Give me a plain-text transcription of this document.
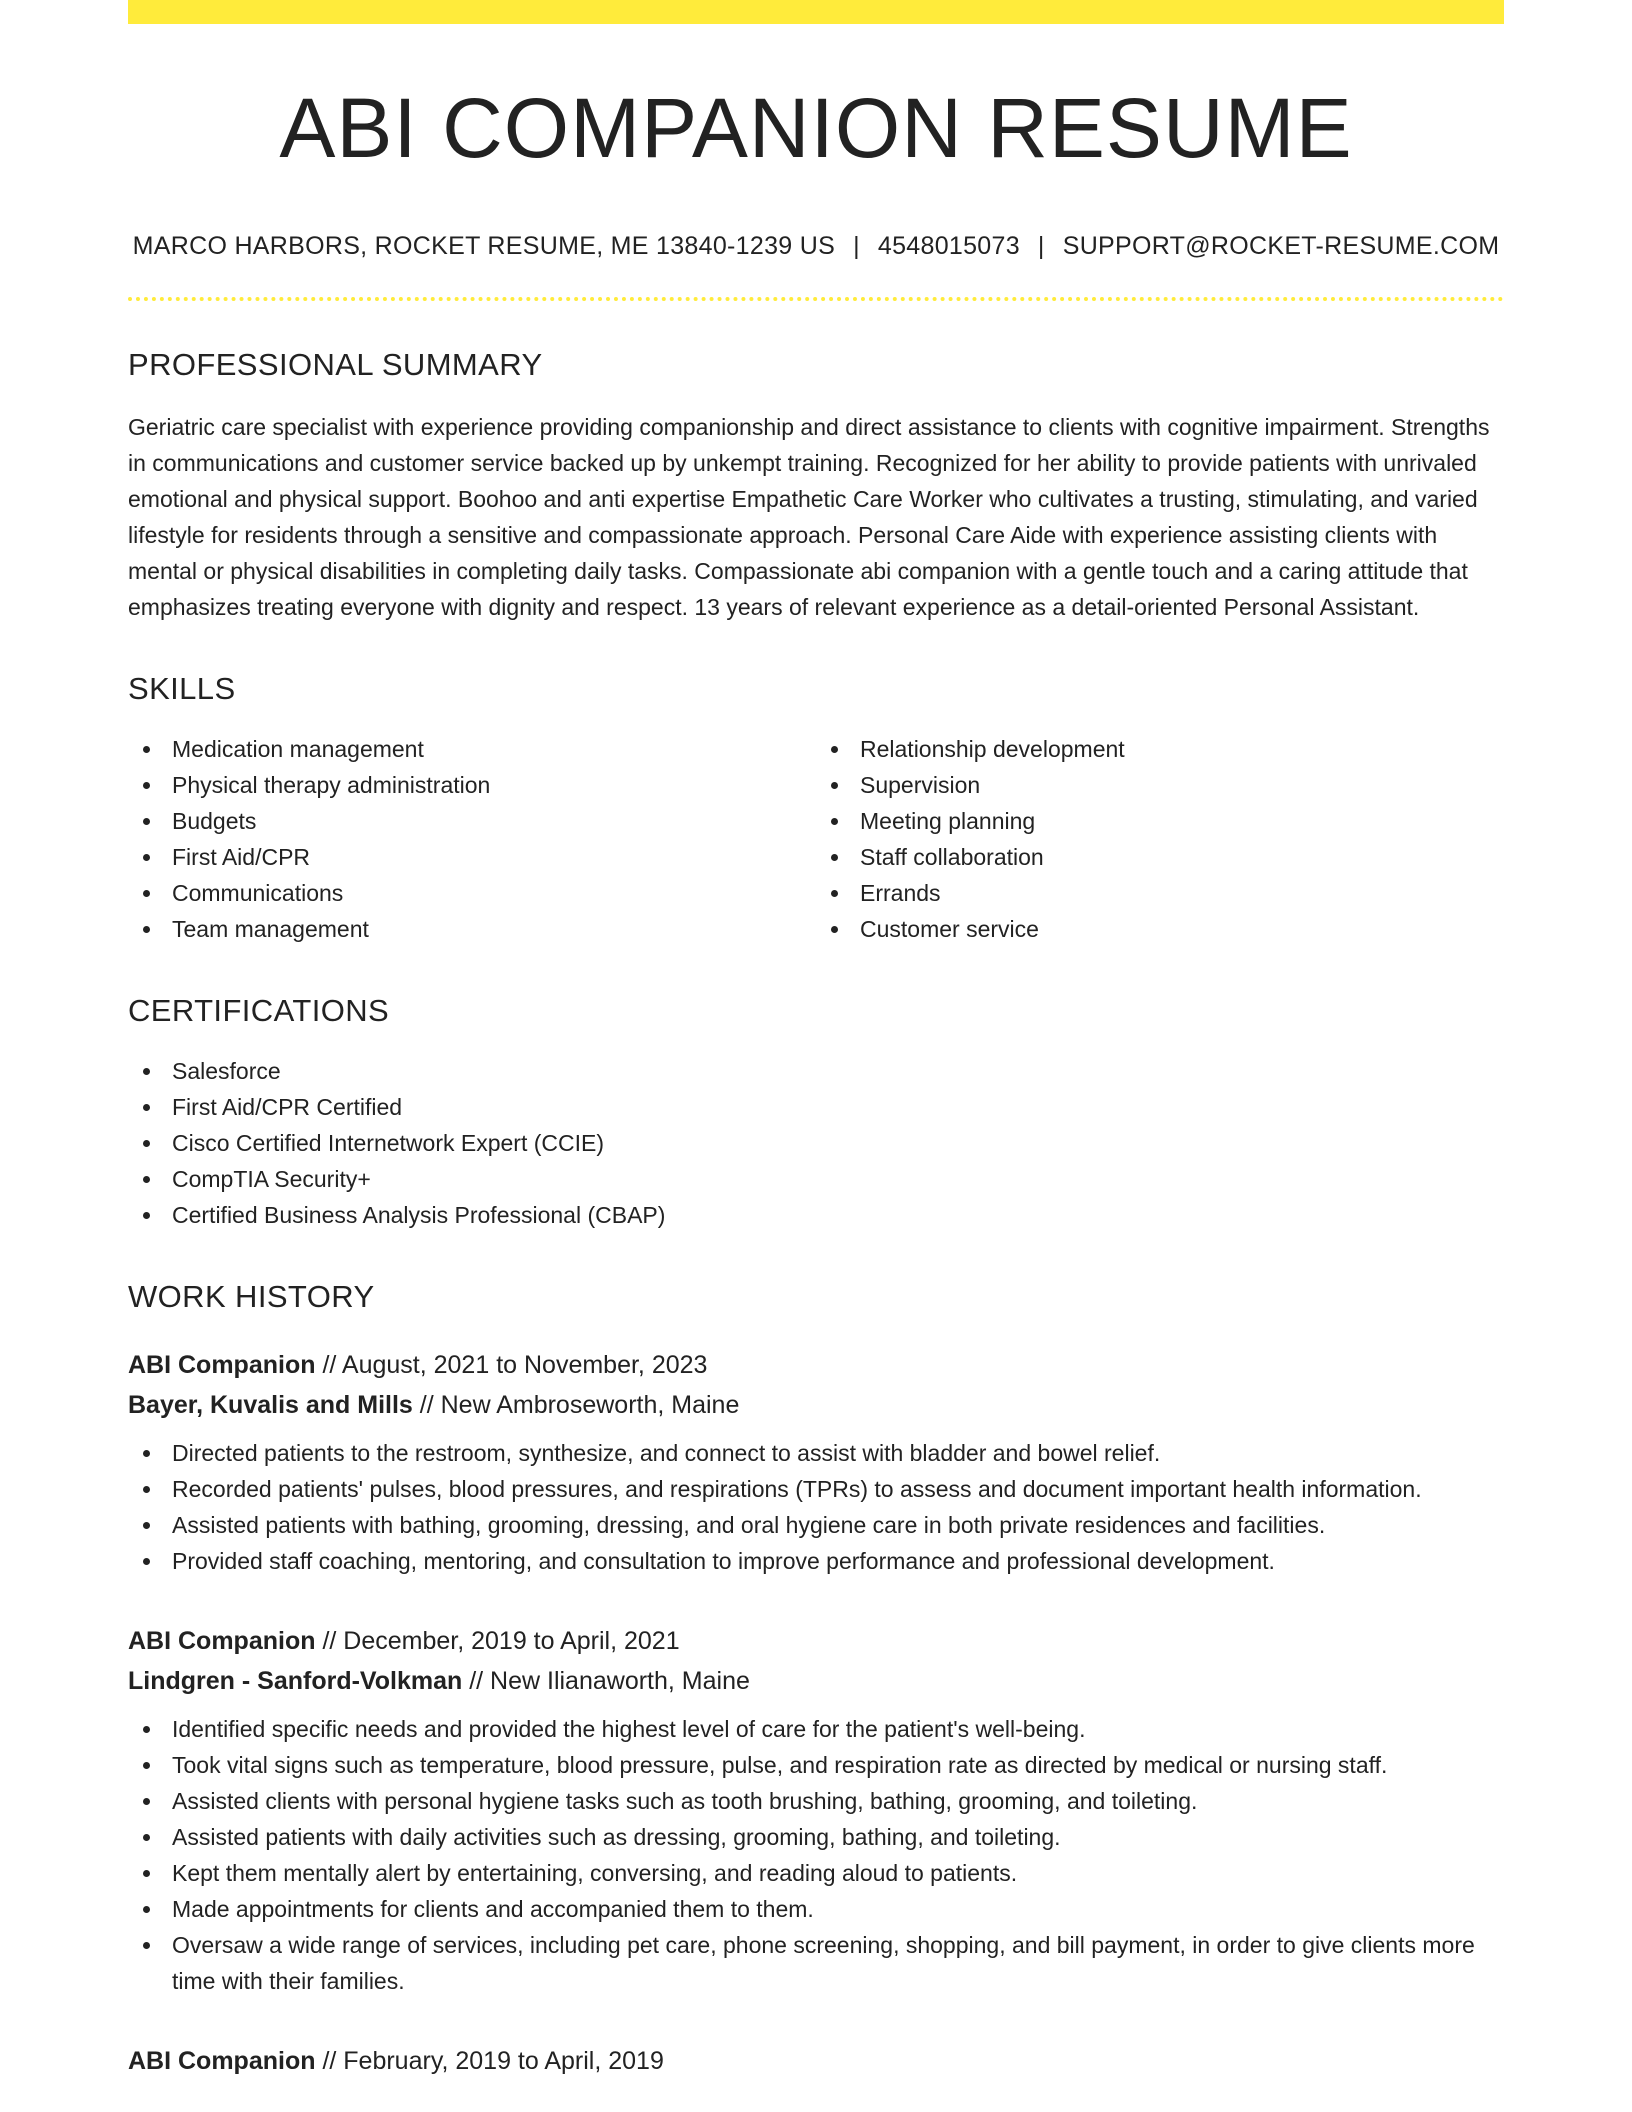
ABI COMPANION RESUME
MARCO HARBORS, ROCKET RESUME, ME 13840-1239 US | 4548015073 | SUPPORT@ROCKET-RESUME.COM
PROFESSIONAL SUMMARY

Geriatric care specialist with experience providing companionship and direct assistance to clients with cognitive impairment. Strengths in communications and customer service backed up by unkempt training. Recognized for her ability to provide patients with unrivaled emotional and physical support. Boohoo and anti expertise Empathetic Care Worker who cultivates a trusting, stimulating, and varied lifestyle for residents through a sensitive and compassionate approach. Personal Care Aide with experience assisting clients with mental or physical disabilities in completing daily tasks. Compassionate abi companion with a gentle touch and a caring attitude that emphasizes treating everyone with dignity and respect. 13 years of relevant experience as a detail-oriented Personal Assistant.

SKILLS
Medication management
Physical therapy administration
Budgets
First Aid/CPR
Communications
Team management
Relationship development
Supervision
Meeting planning
Staff collaboration
Errands
Customer service
CERTIFICATIONS
Salesforce
First Aid/CPR Certified
Cisco Certified Internetwork Expert (CCIE)
CompTIA Security+
Certified Business Analysis Professional (CBAP)
WORK HISTORY
ABI Companion // August, 2021 to November, 2023
Bayer, Kuvalis and Mills // New Ambroseworth, Maine
Directed patients to the restroom, synthesize, and connect to assist with bladder and bowel relief.
Recorded patients' pulses, blood pressures, and respirations (TPRs) to assess and document important health information.
Assisted patients with bathing, grooming, dressing, and oral hygiene care in both private residences and facilities.
Provided staff coaching, mentoring, and consultation to improve performance and professional development.
ABI Companion // December, 2019 to April, 2021
Lindgren - Sanford-Volkman // New Ilianaworth, Maine
Identified specific needs and provided the highest level of care for the patient's well-being.
Took vital signs such as temperature, blood pressure, pulse, and respiration rate as directed by medical or nursing staff.
Assisted clients with personal hygiene tasks such as tooth brushing, bathing, grooming, and toileting.
Assisted patients with daily activities such as dressing, grooming, bathing, and toileting.
Kept them mentally alert by entertaining, conversing, and reading aloud to patients.
Made appointments for clients and accompanied them to them.
Oversaw a wide range of services, including pet care, phone screening, shopping, and bill payment, in order to give clients more time with their families.
ABI Companion // February, 2019 to April, 2019
